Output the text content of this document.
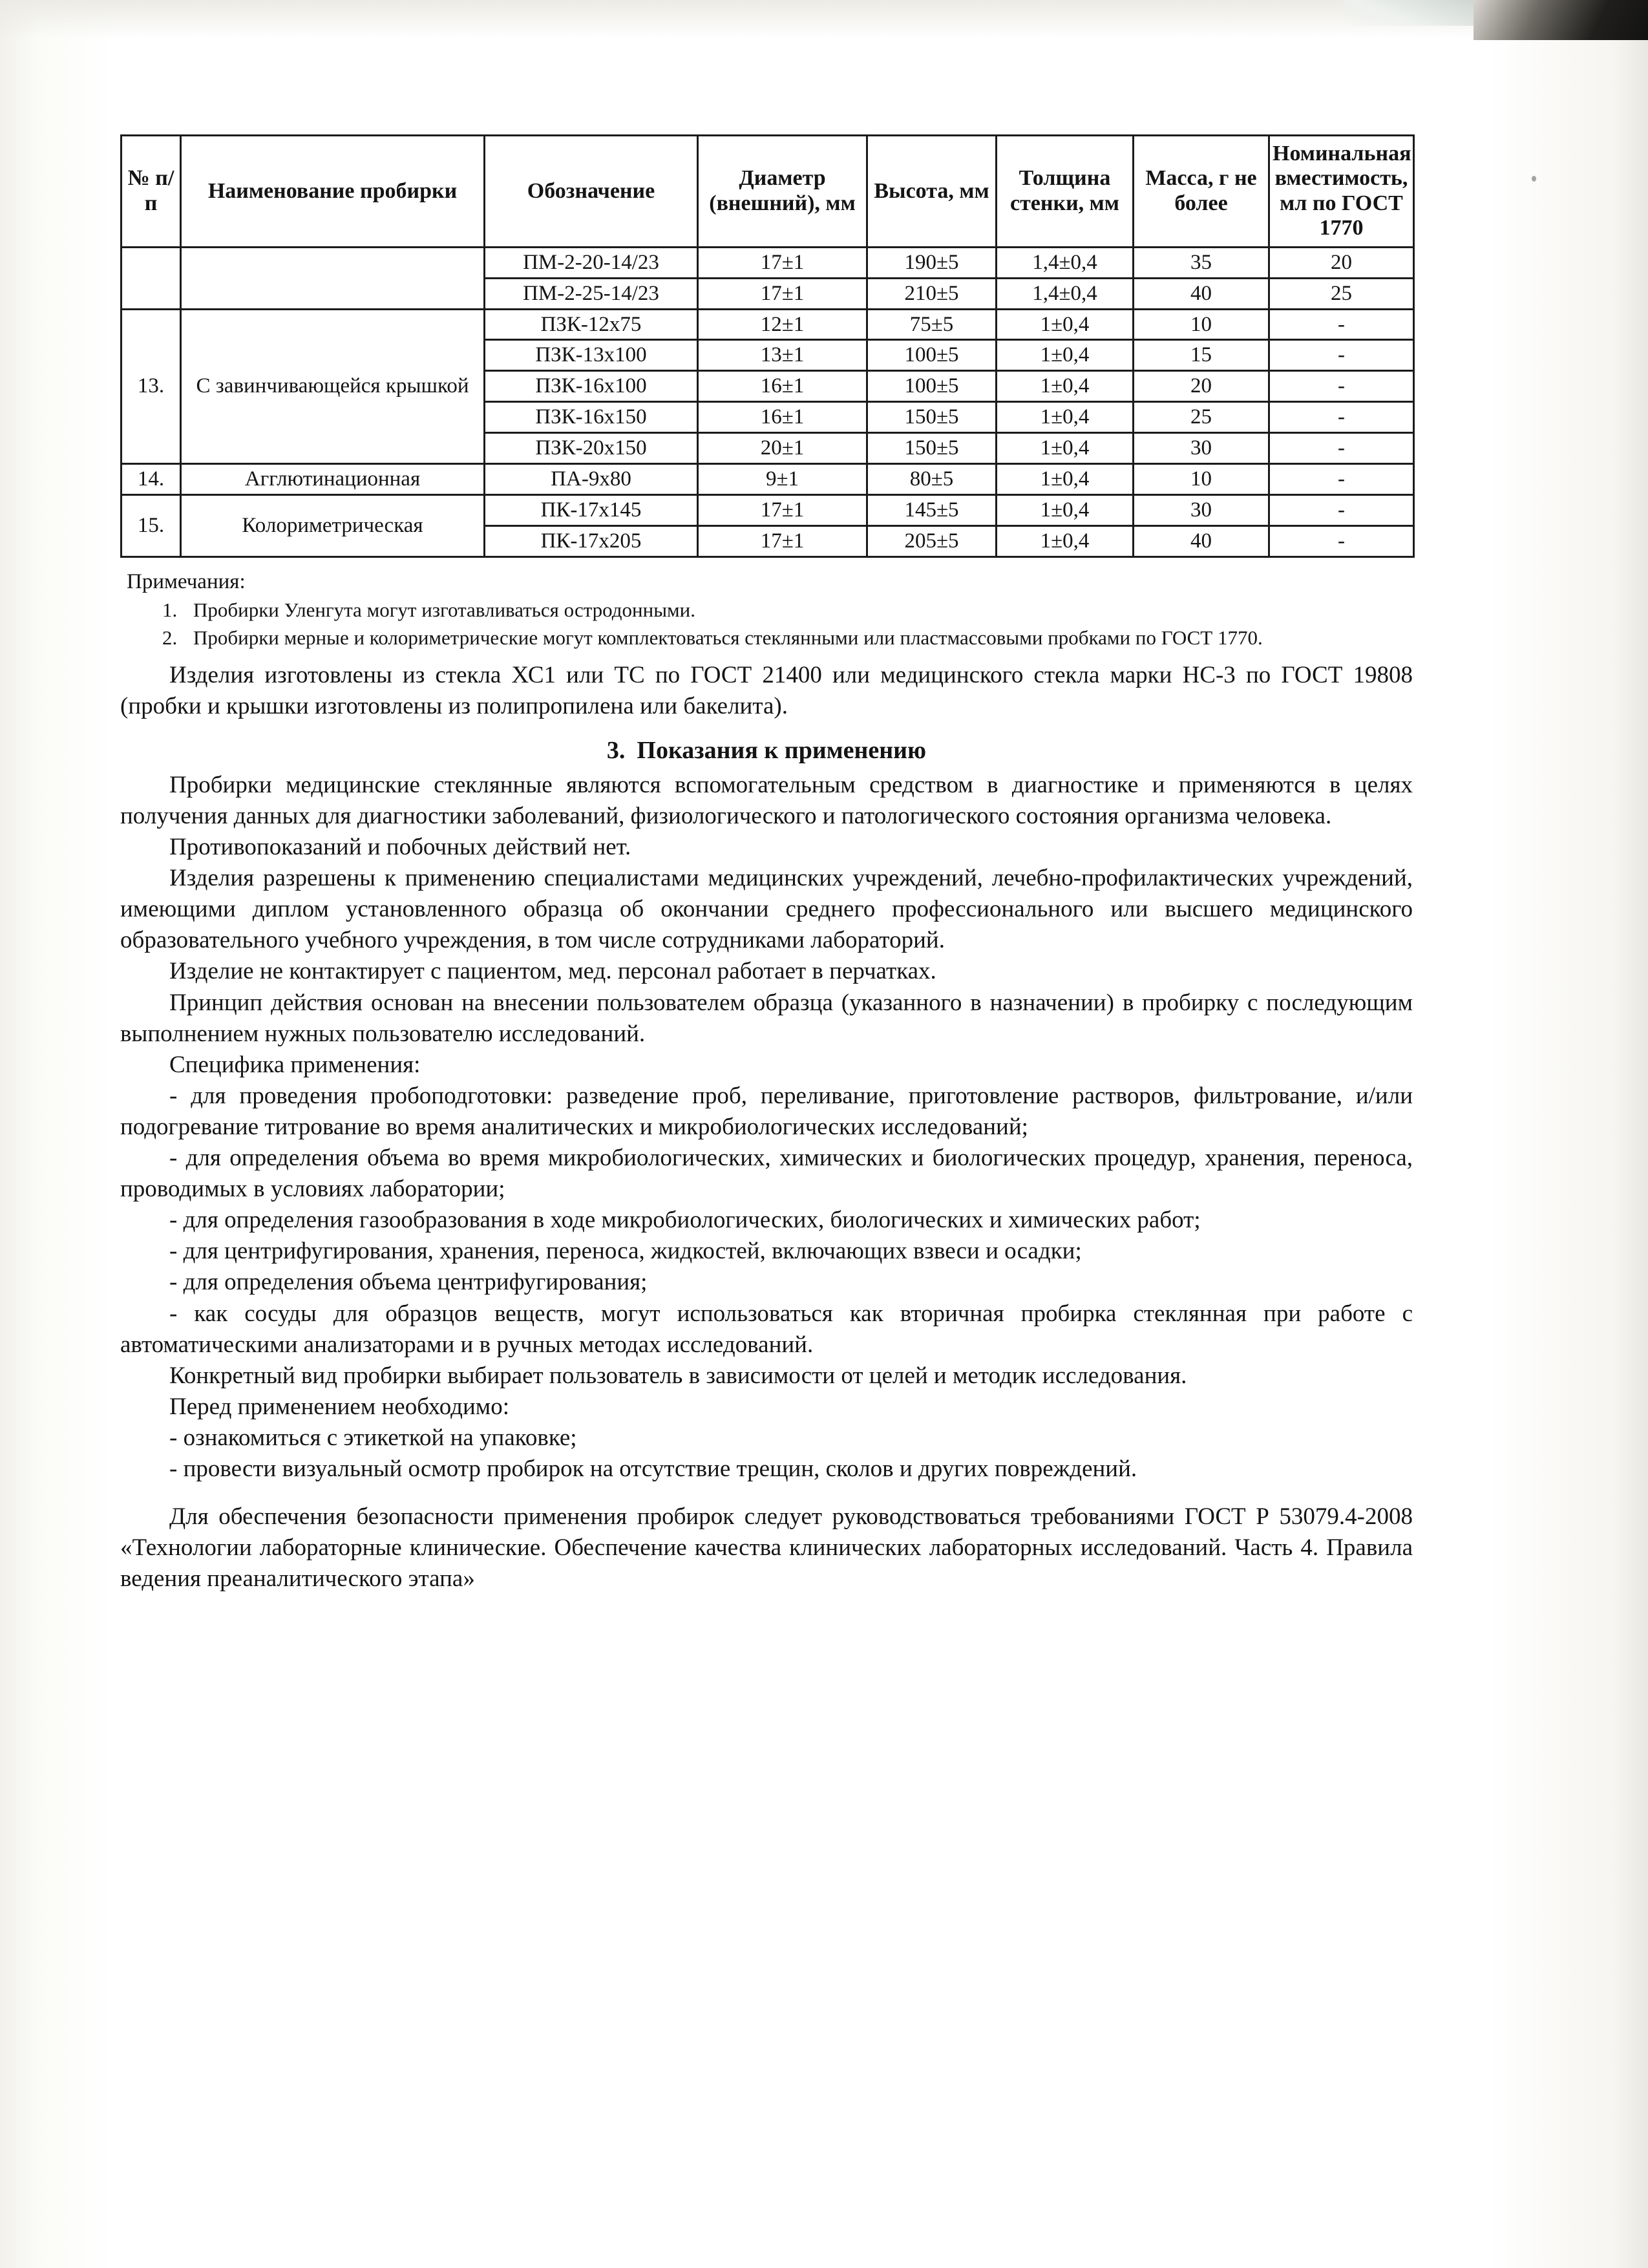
№ п/п	Наименование пробирки	Обозначение	Диаметр (внешний), мм	Высота, мм	Толщина стенки, мм	Масса, г не более	Номинальная вместимость, мл по ГОСТ 1770
		ПМ-2-20-14/23	17±1	190±5	1,4±0,4	35	20
		ПМ-2-25-14/23	17±1	210±5	1,4±0,4	40	25
13.	С завинчивающейся крышкой	ПЗК-12х75	12±1	75±5	1±0,4	10	-
		ПЗК-13х100	13±1	100±5	1±0,4	15	-
		ПЗК-16х100	16±1	100±5	1±0,4	20	-
		ПЗК-16х150	16±1	150±5	1±0,4	25	-
		ПЗК-20х150	20±1	150±5	1±0,4	30	-
14.	Агглютинационная	ПА-9х80	9±1	80±5	1±0,4	10	-
15.	Колориметрическая	ПК-17х145	17±1	145±5	1±0,4	30	-
		ПК-17х205	17±1	205±5	1±0,4	40	-
Примечания:
1. Пробирки Уленгута могут изготавливаться остродонными.
2. Пробирки мерные и колориметрические могут комплектоваться стеклянными или пластмассовыми пробками по ГОСТ 1770.

Изделия изготовлены из стекла ХС1 или ТС по ГОСТ 21400 или медицинского стекла марки НС-3 по ГОСТ 19808 (пробки и крышки изготовлены из полипропилена или бакелита).

3. Показания к применению

Пробирки медицинские стеклянные являются вспомогательным средством в диагностике и применяются в целях получения данных для диагностики заболеваний, физиологического и патологического состояния организма человека.

Противопоказаний и побочных действий нет.

Изделия разрешены к применению специалистами медицинских учреждений, лечебно-профилактических учреждений, имеющими диплом установленного образца об окончании среднего профессионального или высшего медицинского образовательного учебного учреждения, в том числе сотрудниками лабораторий.

Изделие не контактирует с пациентом, мед. персонал работает в перчатках.

Принцип действия основан на внесении пользователем образца (указанного в назначении) в пробирку с последующим выполнением нужных пользователю исследований.

Специфика применения:

- для проведения пробоподготовки: разведение проб, переливание, приготовление растворов, фильтрование, и/или подогревание титрование во время аналитических и микробиологических исследований;

- для определения объема во время микробиологических, химических и биологических процедур, хранения, переноса, проводимых в условиях лаборатории;

- для определения газообразования в ходе микробиологических, биологических и химических работ;

- для центрифугирования, хранения, переноса, жидкостей, включающих взвеси и осадки;

- для определения объема центрифугирования;

- как сосуды для образцов веществ, могут использоваться как вторичная пробирка стеклянная при работе с автоматическими анализаторами и в ручных методах исследований.

Конкретный вид пробирки выбирает пользователь в зависимости от целей и методик исследования.

Перед применением необходимо:

- ознакомиться с этикеткой на упаковке;

- провести визуальный осмотр пробирок на отсутствие трещин, сколов и других повреждений.

Для обеспечения безопасности применения пробирок следует руководствоваться требованиями ГОСТ Р 53079.4-2008 «Технологии лабораторные клинические. Обеспечение качества клинических лабораторных исследований. Часть 4. Правила ведения преаналитического этапа»
